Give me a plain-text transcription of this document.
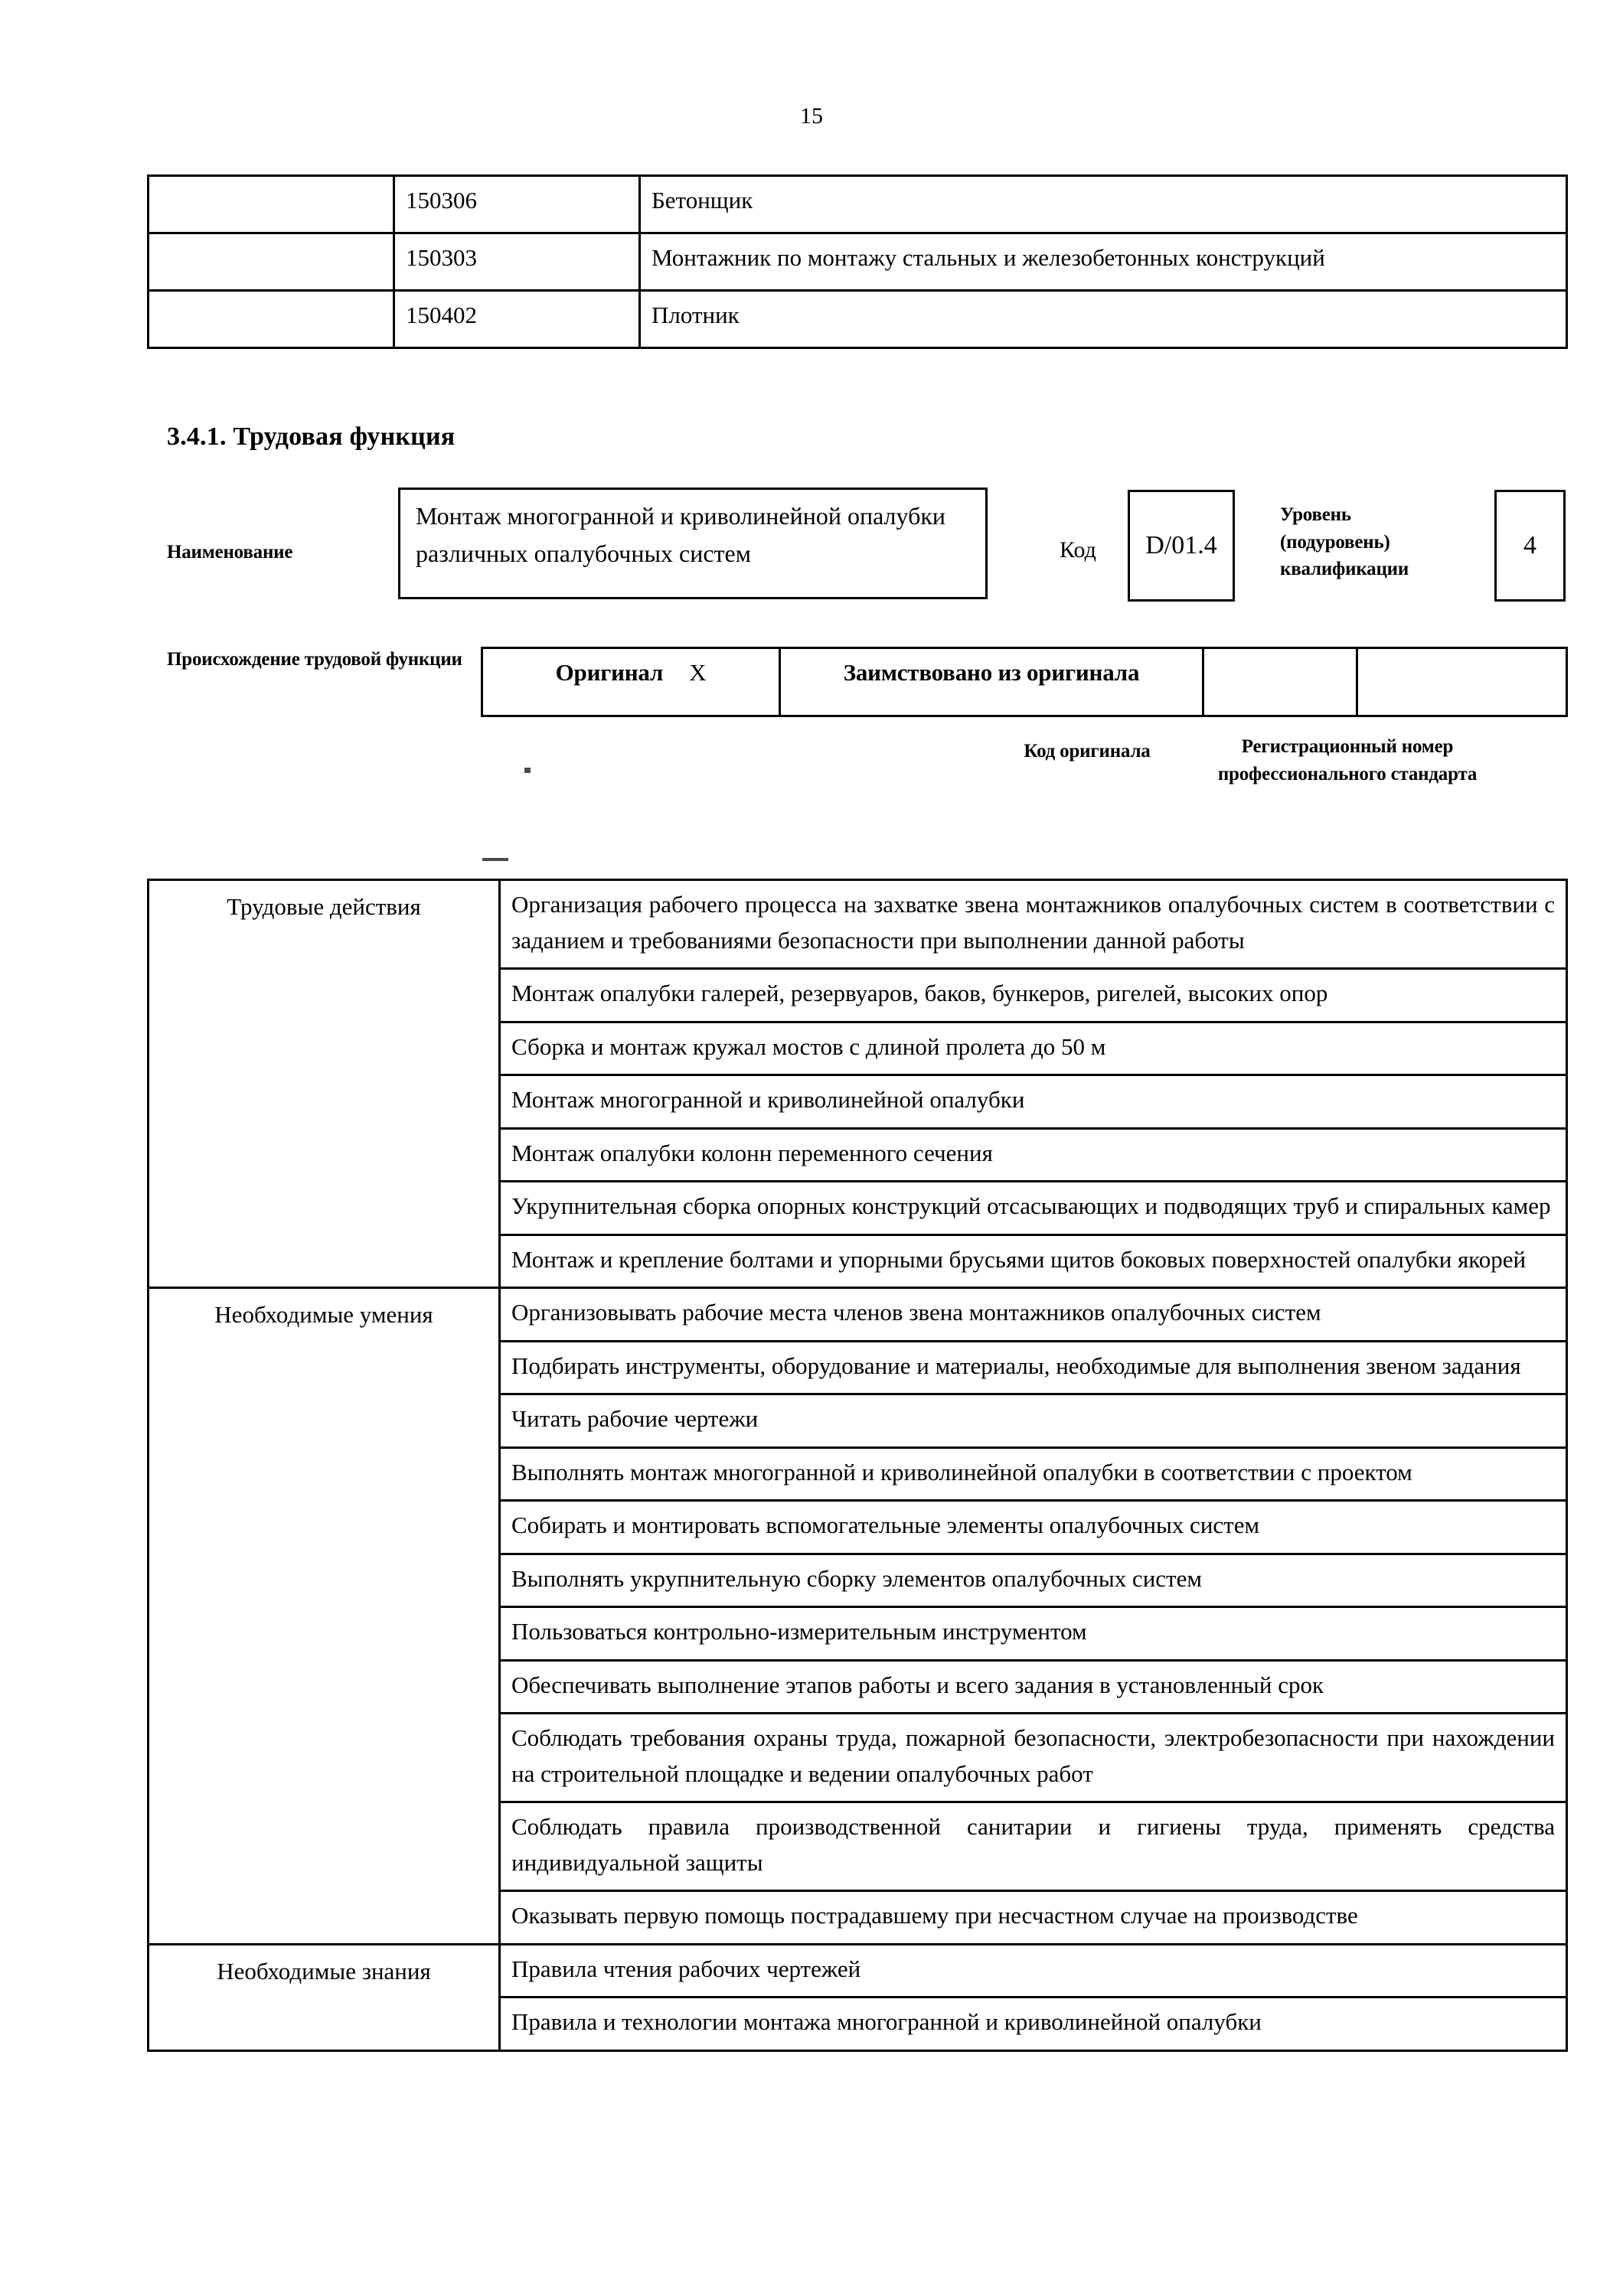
15
	150306	Бетонщик
	150303	Монтажник по монтажу стальных и железобетонных конструкций
	150402	Плотник
3.4.1. Трудовая функция
Наименование
Монтаж многогранной и криволинейной опалубки различных опалубочных систем	Код	D/01.4
Уровень (подуровень) квалификации
4
Происхождение трудовой функции	Оригинал X	Заимствовано из оригинала		
Код оригинала	Регистрационный номер профессионального стандарта
Трудовые действия	Организация рабочего процесса на захватке звена монтажников опалубочных систем в соответствии с заданием и требованиями безопасности при выполнении данной работы
	Монтаж опалубки галерей, резервуаров, баков, бункеров, ригелей, высоких опор
	Сборка и монтаж кружал мостов с длиной пролета до 50 м
	Монтаж многогранной и криволинейной опалубки
	Монтаж опалубки колонн переменного сечения
	Укрупнительная сборка опорных конструкций отсасывающих и подводящих труб и спиральных камер
	Монтаж и крепление болтами и упорными брусьями щитов боковых поверхностей опалубки якорей
Необходимые умения	Организовывать рабочие места членов звена монтажников опалубочных систем
	Подбирать инструменты, оборудование и материалы, необходимые для выполнения звеном задания
	Читать рабочие чертежи
	Выполнять монтаж многогранной и криволинейной опалубки в соответствии с проектом
	Собирать и монтировать вспомогательные элементы опалубочных систем
	Выполнять укрупнительную сборку элементов опалубочных систем
	Пользоваться контрольно-измерительным инструментом
	Обеспечивать выполнение этапов работы и всего задания в установленный срок
	Соблюдать требования охраны труда, пожарной безопасности, электробезопасности при нахождении на строительной площадке и ведении опалубочных работ
	Соблюдать правила производственной санитарии и гигиены труда, применять средства индивидуальной защиты
	Оказывать первую помощь пострадавшему при несчастном случае на производстве
Необходимые знания	Правила чтения рабочих чертежей
	Правила и технологии монтажа многогранной и криволинейной опалубки
